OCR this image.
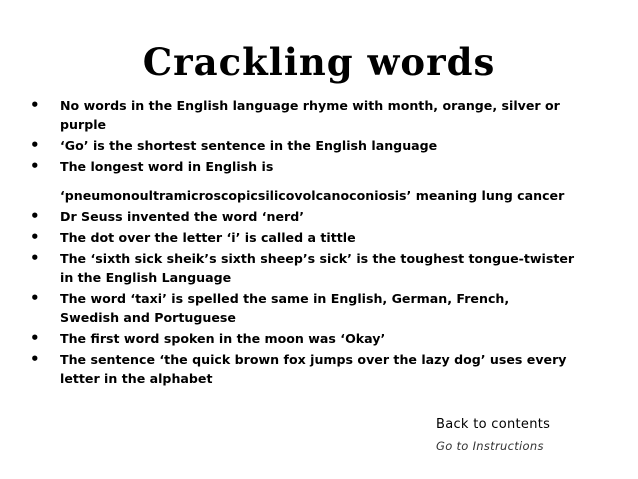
Crackling words
• No words in the English language rhyme with month, orange, silver or
purple
• ‘Go’ is the shortest sentence in the English language
• The longest word in English is
‘pneumonoultramicroscopicsilicovolcanoconiosis’ meaning lung cancer
• Dr Seuss invented the word ‘nerd’
• The dot over the letter ‘i’ is called a tittle
• The ‘sixth sick sheik’s sixth sheep’s sick’ is the toughest tongue-twister
in the English Language
• The word ‘taxi’ is spelled the same in English, German, French,
Swedish and Portuguese
• The first word spoken in the moon was ‘Okay’
• The sentence ‘the quick brown fox jumps over the lazy dog’ uses every
letter in the alphabet
Back to contents
Go to Instructions
